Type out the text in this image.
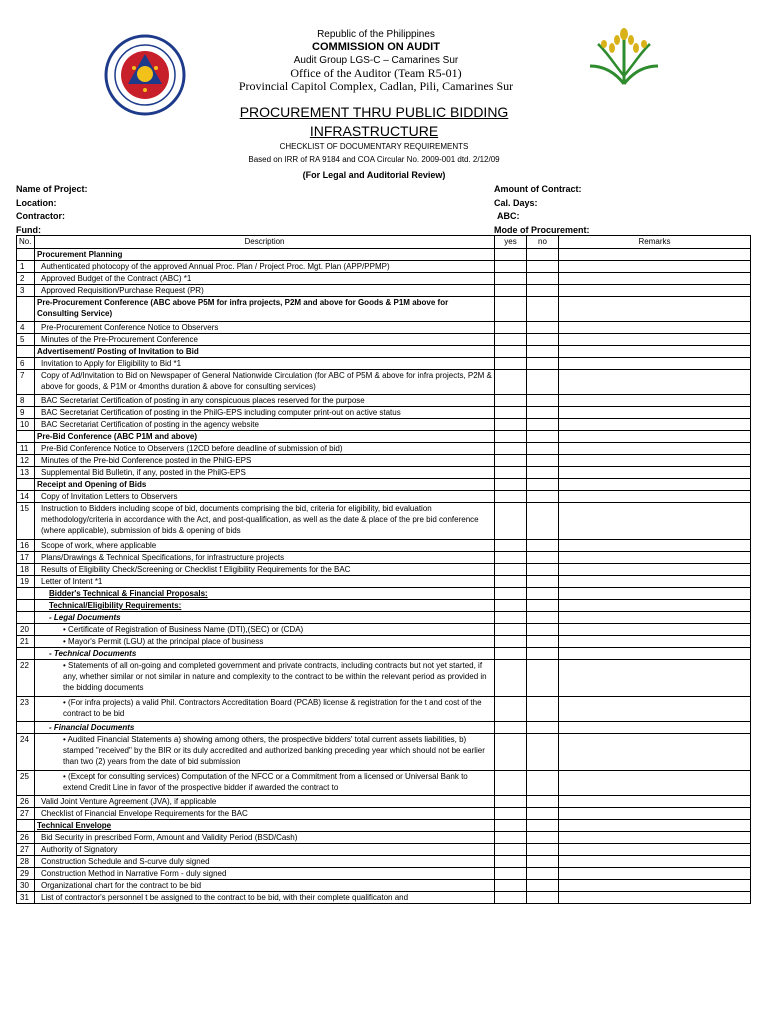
Republic of the Philippines
COMMISSION ON AUDIT
Audit Group LGS-C – Camarines Sur
Office of the Auditor (Team R5-01)
Provincial Capitol Complex, Cadlan, Pili, Camarines Sur
PROCUREMENT THRU PUBLIC BIDDING
INFRASTRUCTURE
CHECKLIST OF DOCUMENTARY REQUIREMENTS
Based on IRR of RA 9184 and COA Circular No. 2009-001 dtd. 2/12/09
(For Legal and Auditorial Review)
Name of Project:
Location:
Contractor:
Fund:
Amount of Contract:
Cal. Days:
ABC:
Mode of Procurement:
No.	Description	yes	no	Remarks
	Procurement Planning			
1	Authenticated photocopy of the approved Annual Proc. Plan / Project Proc. Mgt. Plan (APP/PPMP)			
2	Approved Budget of the Contract (ABC) *1			
3	Approved Requisition/Purchase Request (PR)			
	Pre-Procurement Conference (ABC above P5M for infra projects, P2M and above for Goods & P1M above for Consulting Service)			
4	Pre-Procurement Conference Notice to Observers			
5	Minutes of the Pre-Procurement Conference			
	Advertisement/ Posting of Invitation to Bid			
6	Invitation to Apply for Eligibility to Bid *1			
7	Copy of Ad/Invitation to Bid on Newspaper of General Nationwide Circulation (for ABC of P5M & above for infra projects, P2M & above for goods, & P1M or 4months duration & above for consulting services)			
8	BAC Secretariat Certification of posting in any conspicuous places reserved for the purpose			
9	BAC Secretariat Certification of posting in the PhilG-EPS including computer print-out on active status			
10	BAC Secretariat Certification of posting in the agency website			
	Pre-Bid Conference (ABC P1M and above)			
11	Pre-Bid Conference Notice to Observers (12CD before deadline of submission of bid)			
12	Minutes of the Pre-bid Conference posted in the PhilG-EPS			
13	Supplemental Bid Bulletin, if any, posted in the PhilG-EPS			
	Receipt and Opening of Bids			
14	Copy of Invitation Letters to Observers			
15	Instruction to Bidders including scope of bid, documents comprising the bid, criteria for eligibility, bid evaluation methodology/criteria in accordance with the Act, and post-qualification, as well as the date & place of the pre bid conference (where applicable), submission of bids & opening of bids			
16	Scope of work, where applicable			
17	Plans/Drawings & Technical Specifications, for infrastructure projects			
18	Results of Eligibility Check/Screening or Checklist f Eligibility Requirements for the BAC			
19	Letter of Intent *1			
	Bidder's Technical & Financial Proposals:			
	Technical/Eligibility Requirements:			
	- Legal Documents			
20	• Certificate of Registration of Business Name (DTI),(SEC) or (CDA)			
21	• Mayor's Permit (LGU) at the principal place of business			
	- Technical Documents			
22	• Statements of all on-going and completed government and private contracts, including contracts but not yet started, if any, whether similar or not similar in nature and complexity to the contract to be within the relevant period as provided in the bidding documents			
23	• (For infra projects) a valid Phil. Contractors Accreditation Board (PCAB) license & registration for the t and cost of the contract to be bid			
	- Financial Documents			
24	• Audited Financial Statements a) showing among others, the prospective bidders' total current assets liabilities, b) stamped "received" by the BIR or its duly accredited and authorized banking preceding year which should not be earlier than two (2) years from the date of bid submission			
25	• (Except for consulting services) Computation of the NFCC or a Commitment from a licensed or Universal Bank to extend Credit Line in favor of the prospective bidder if awarded the contract to			
26	Valid Joint Venture Agreement (JVA), if applicable			
27	Checklist of Financial Envelope Requirements for the BAC			
	Technical Envelope			
26	Bid Security in prescribed Form, Amount and Validity Period (BSD/Cash)			
27	Authority of Signatory			
28	Construction Schedule and S-curve duly signed			
29	Construction Method in Narrative Form - duly signed			
30	Organizational chart for the contract to be bid			
31	List of contractor's personnel t be assigned to the contract to be bid, with their complete qualificaton and			
